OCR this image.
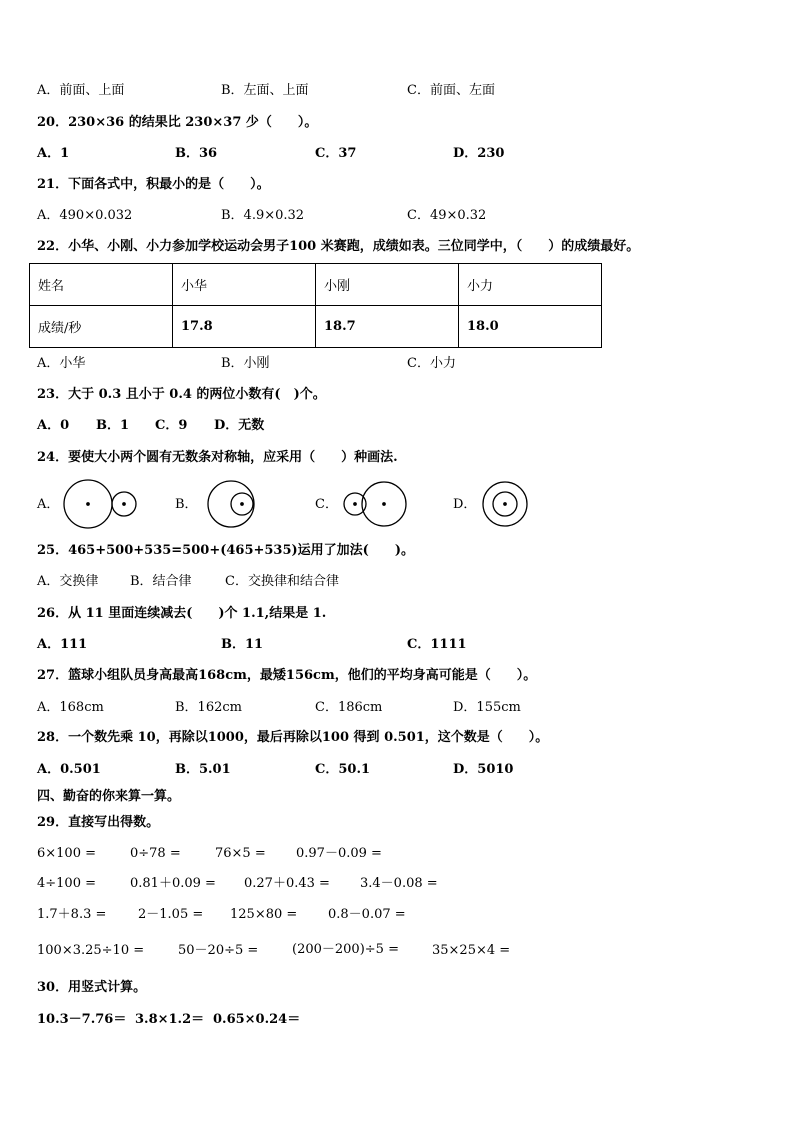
A．前面、上面	B．左面、上面	C．前面、左面
20．230×36 的结果比 230×37 少（　　）。
A．1	B．36	C．37	D．230
21．下面各式中，积最小的是（　　）。
A．490×0.032	B．4.9×0.32	C．49×0.32
22．小华、小刚、小力参加学校运动会男子100 米赛跑，成绩如表。三位同学中，（　　）的成绩最好。
姓名	小华	小刚	小力
成绩/秒	17.8	18.7	18.0
A．小华	B．小刚	C．小力
23．大于 0.3 且小于 0.4 的两位小数有(　)个。
A．0 B．1 C．9 D．无数
24．要使大小两个圆有无数条对称轴，应采用（　　）种画法.
A．	B．	C．	D．
25．465+500+535=500+(465+535)运用了加法(　　)。
A．交换律 B．结合律	C．交换律和结合律
26．从 11 里面连续减去(　　)个 1.1,结果是 1.
A．111	B．11	C．1111
27．篮球小组队员身高最高168cm，最矮156cm，他们的平均身高可能是（　　）。
A．168cm	B．162cm	C．186cm	D．155cm
28．一个数先乘 10，再除以1000，最后再除以100 得到 0.501，这个数是（　　）。
A．0.501	B．5.01	C．50.1	D．5010
四、勤奋的你来算一算。
29．直接写出得数。
6×100 =	0÷78 =	76×5 = 0.97－0.09 =
4÷100 =	0.81＋0.09 = 0.27＋0.43 = 3.4－0.08 =
1.7＋8.3 = 2－1.05 = 125×80 = 0.8－0.07 =
100×3.25÷10 =	50－20÷5 =	(200－200)÷5 =	35×25×4 =
30．用竖式计算。
10.3－7.76＝ 3.8×1.2＝ 0.65×0.24＝
